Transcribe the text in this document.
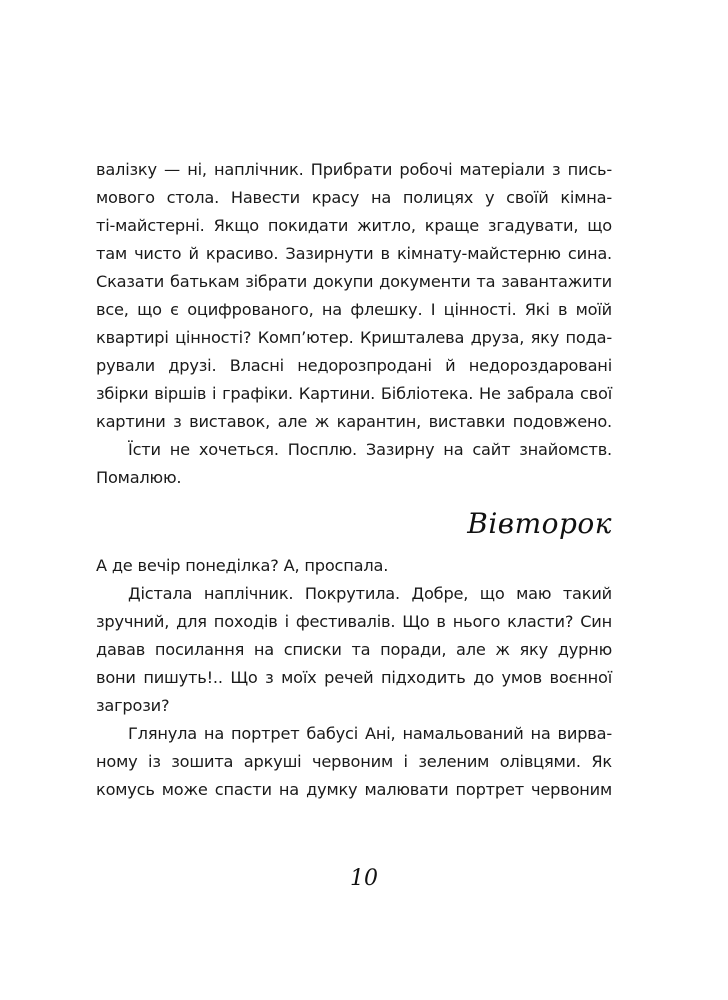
валізку — ні, наплічник. Прибрати робочі матеріали з пись-
мового стола. Навести красу на полицях у своїй кімна-
ті-майстерні. Якщо покидати житло, краще згадувати, що
там чисто й красиво. Зазирнути в кімнату-майстерню сина.
Сказати батькам зібрати докупи документи та завантажити
все, що є оцифрованого, на флешку. І цінності. Які в моїй
квартирі цінності? Комп’ютер. Кришталева друза, яку пода-
рували друзі. Власні недорозпродані й недороздаровані
збірки віршів і графіки. Картини. Бібліотека. Не забрала свої
картини з виставок, але ж карантин, виставки подовжено.
Їсти не хочеться. Посплю. Зазирну на сайт знайомств.
Помалюю.
Вівторок
А де вечір понеділка? А, проспала.
Дістала наплічник. Покрутила. Добре, що маю такий
зручний, для походів і фестивалів. Що в нього класти? Син
давав посилання на списки та поради, але ж яку дурню
вони пишуть!.. Що з моїх речей підходить до умов воєнної
загрози?
Глянула на портрет бабусі Ані, намальований на вирва-
ному із зошита аркуші червоним і зеленим олівцями. Як
комусь може спасти на думку малювати портрет червоним
10
